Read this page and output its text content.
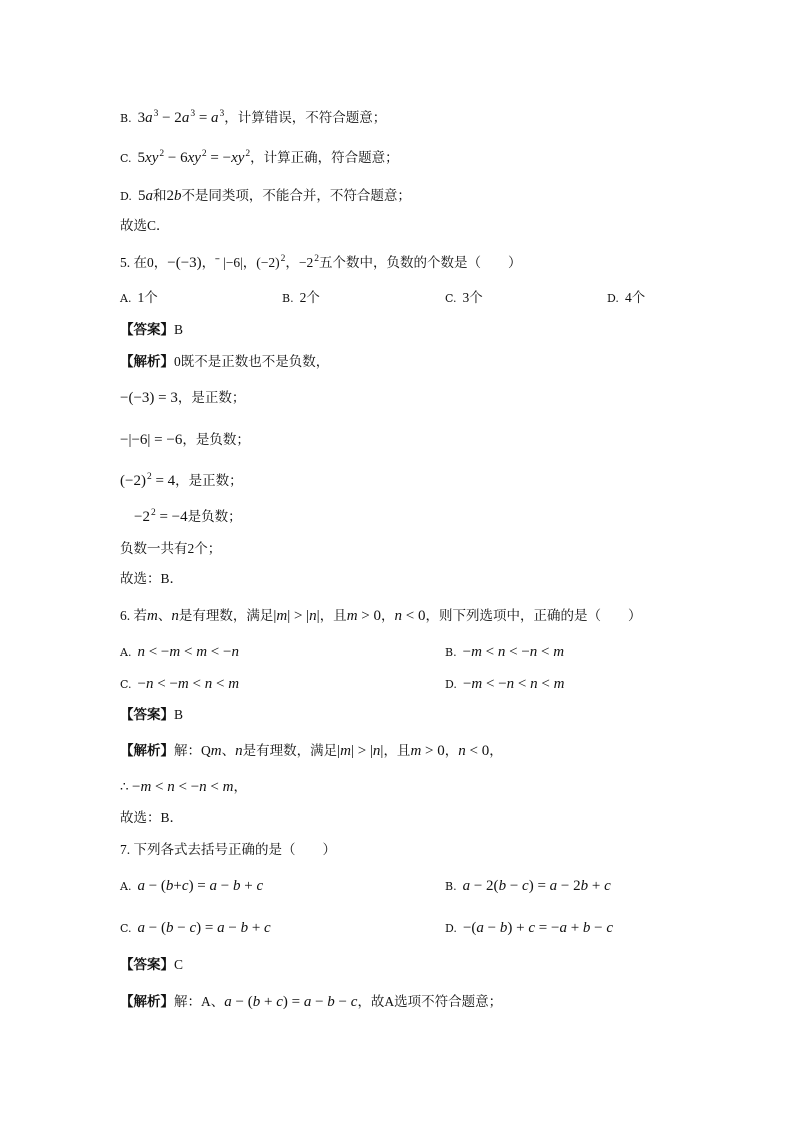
B. $3a^3 - 2a^3 = a^3$，计算错误，不符合题意；
C. $5xy^2 - 6xy^2 = -xy^2$，计算正确，符合题意；
D. 5a和2b不是同类项，不能合并，不符合题意；
故选C．
5. 在0，−(−3)，ˉ |−6|，$(-2)^2$，$-2^2$五个数中，负数的个数是（　　）
A. 1个	B. 2个	C. 3个	D. 4个
【答案】B
【解析】0既不是正数也不是负数，
−(−3) = 3，是正数；
−|−6| = −6，是负数；
$(-2)^2 = 4$，是正数；
$-2^2 = -4$是负数；
负数一共有2个；
故选：B．
6. 若m、n是有理数，满足|m| > |n|，且m > 0，n < 0，则下列选项中，正确的是（　　）
A. n < −m < m < −n	B. −m < n < −n < m
C. −n < −m < n < m	D. −m < −n < n < m
【答案】B
【解析】解：Qm、n是有理数，满足|m| > |n|，且m > 0，n < 0，
∴ −m < n < −n < m，
故选：B．
7. 下列各式去括号正确的是（　　）
A. a − (b+c) = a − b + c	B. a − 2(b − c) = a − 2b + c
C. a − (b − c) = a − b + c	D. −(a − b) + c = −a + b − c
【答案】C
【解析】解：A、a − (b + c) = a − b − c，故A选项不符合题意；
